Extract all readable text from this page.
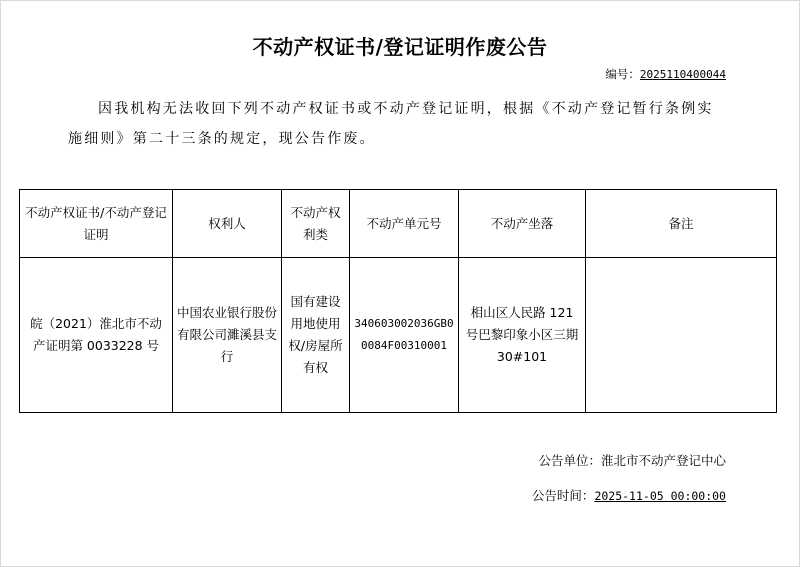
不动产权证书/登记证明作废公告
编号：2025110400044
因我机构无法收回下列不动产权证书或不动产登记证明，根据《不动产登记暂行条例实施细则》第二十三条的规定，现公告作废。
不动产权证书/不动产登记证明	权利人	不动产权利类	不动产单元号	不动产坐落	备注
皖（2021）淮北市不动产证明第 0033228 号	中国农业银行股份有限公司濉溪县支行	国有建设用地使用权/房屋所有权	340603002036GB00084F00310001	相山区人民路 121 号巴黎印象小区三期30#101	
公告单位：淮北市不动产登记中心
公告时间：2025-11-05 00:00:00
